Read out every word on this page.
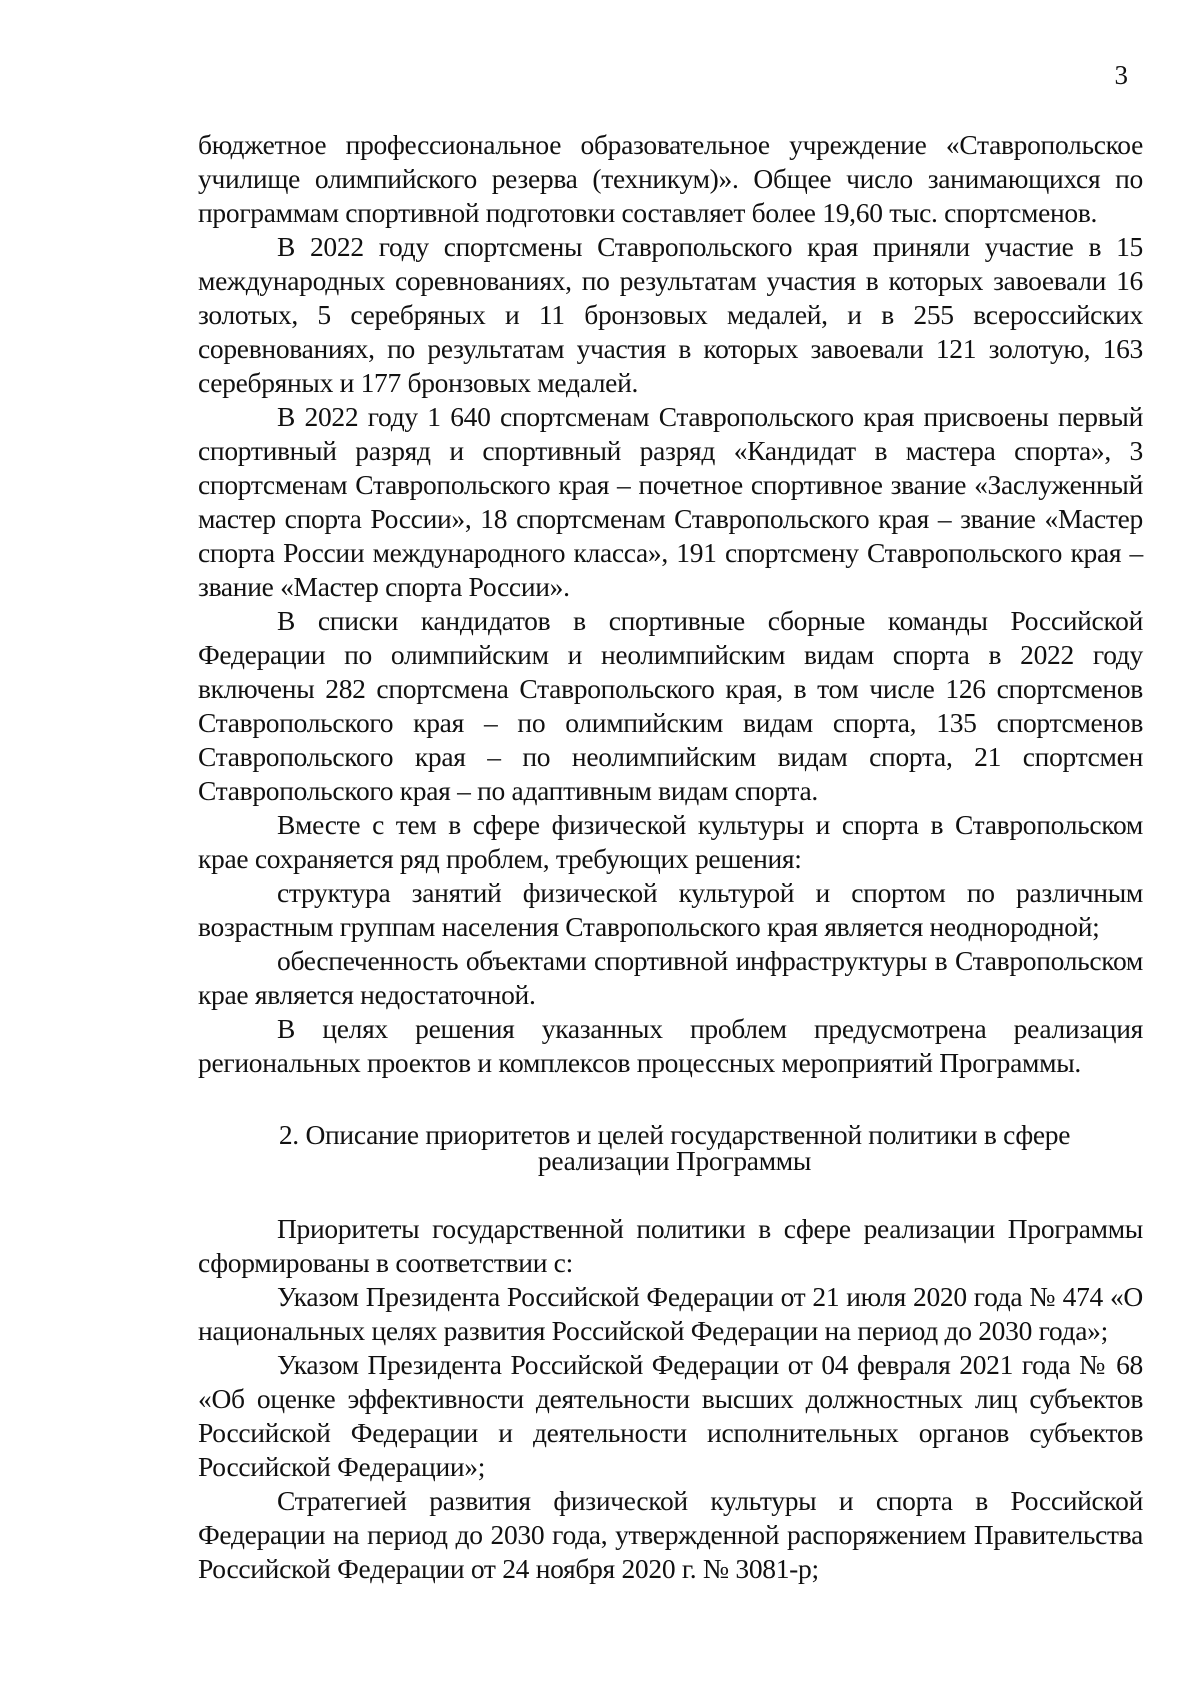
3

бюджетное профессиональное образовательное учреждение «Ставропольское училище олимпийского резерва (техникум)». Общее число занимающихся по программам спортивной подготовки составляет более 19,60 тыс. спортсменов.

В 2022 году спортсмены Ставропольского края приняли участие в 15 международных соревнованиях, по результатам участия в которых завоевали 16 золотых, 5 серебряных и 11 бронзовых медалей, и в 255 всероссийских соревнованиях, по результатам участия в которых завоевали 121 золотую, 163 серебряных и 177 бронзовых медалей.

В 2022 году 1 640 спортсменам Ставропольского края присвоены первый спортивный разряд и спортивный разряд «Кандидат в мастера спорта», 3 спортсменам Ставропольского края – почетное спортивное звание «Заслуженный мастер спорта России», 18 спортсменам Ставропольского края – звание «Мастер спорта России международного класса», 191 спортсмену Ставропольского края – звание «Мастер спорта России».

В списки кандидатов в спортивные сборные команды Российской Федерации по олимпийским и неолимпийским видам спорта в 2022 году включены 282 спортсмена Ставропольского края, в том числе 126 спортсменов Ставропольского края – по олимпийским видам спорта, 135 спортсменов Ставропольского края – по неолимпийским видам спорта, 21 спортсмен Ставропольского края – по адаптивным видам спорта.

Вместе с тем в сфере физической культуры и спорта в Ставропольском крае сохраняется ряд проблем, требующих решения:

структура занятий физической культурой и спортом по различным возрастным группам населения Ставропольского края является неоднородной;

обеспеченность объектами спортивной инфраструктуры в Ставропольском крае является недостаточной.

В целях решения указанных проблем предусмотрена реализация региональных проектов и комплексов процессных мероприятий Программы.

2. Описание приоритетов и целей государственной политики в сфере
реализации Программы

Приоритеты государственной политики в сфере реализации Программы сформированы в соответствии с:

Указом Президента Российской Федерации от 21 июля 2020 года № 474 «О национальных целях развития Российской Федерации на период до 2030 года»;

Указом Президента Российской Федерации от 04 февраля 2021 года № 68 «Об оценке эффективности деятельности высших должностных лиц субъектов Российской Федерации и деятельности исполнительных органов субъектов Российской Федерации»;

Стратегией развития физической культуры и спорта в Российской Федерации на период до 2030 года, утвержденной распоряжением Правительства Российской Федерации от 24 ноября 2020 г. № 3081-р;
